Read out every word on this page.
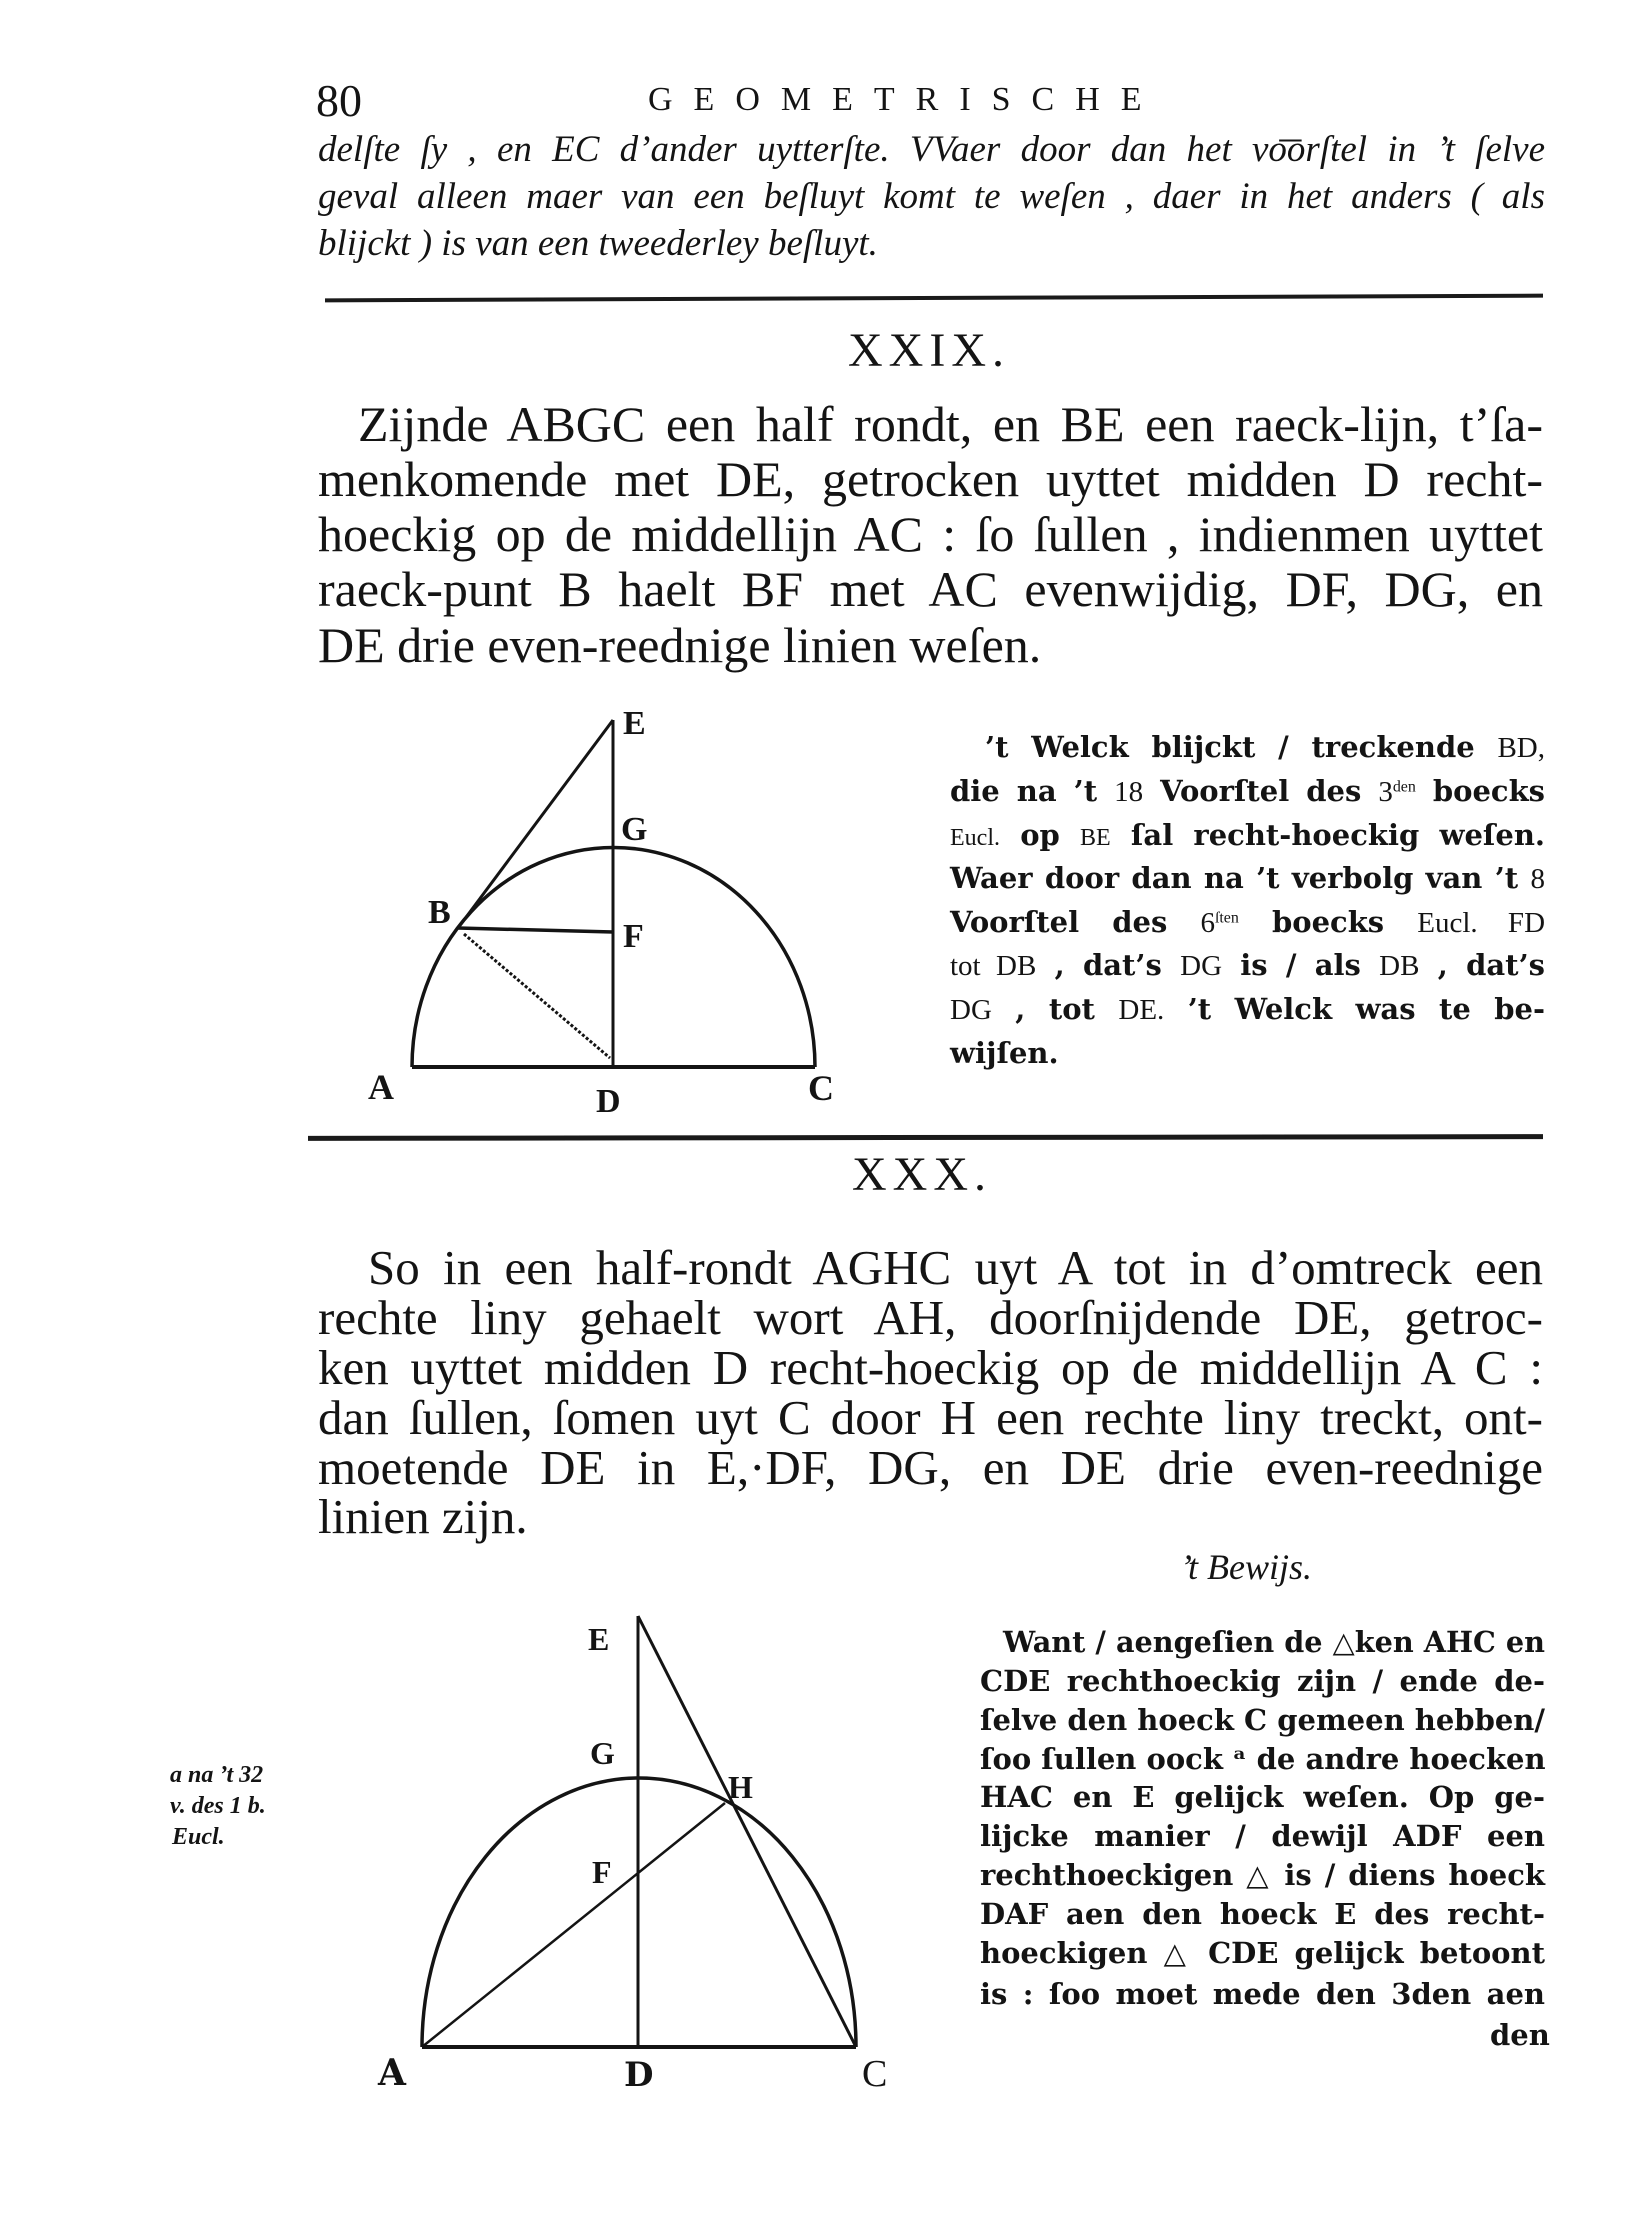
80	GEOMETRISCHE
delſte ſy , en EC d’ander uytterſte. VVaer door dan het vo͞orſtel in ’t ſelve
geval alleen maer van een beſluyt komt te weſen , daer in het anders ( als
blijckt ) is van een tweederley beſluyt.
XXIX.
Zijnde ABGC een half rondt, en BE een raeck-lijn, t’ſa-
menkomende met DE, getrocken uyttet midden D recht-
hoeckig op de middellijn AC : ſo ſullen , indienmen uyttet
raeck-punt B haelt BF met AC evenwijdig, DF, DG, en
DE drie even-reednige linien weſen.
E
G
B
F
A	D	C
’t Welck blijckt / treckende BD,
die na ’t 18 Voorſtel des $3^{den}$ boecks
Eucl. op BE ſal recht-hoeckig weſen.
Waer door dan na ’t verbolg van ’t 8
Voorſtel des $6^{ſten}$ boecks Eucl. FD
tot DB , dat’s DG is / als DB , dat’s
DG , tot DE. ’t Welck was te be-
wijſen.
XXX.
So in een half-rondt AGHC uyt A tot in d’omtreck een
rechte liny gehaelt wort AH, doorſnijdende DE, getroc-
ken uyttet midden D recht-hoeckig op de middellijn A C :
dan ſullen, ſomen uyt C door H een rechte liny treckt, ont-
moetende DE in E,·DF, DG, en DE drie even-reednige
linien zijn.
a na ’t 32
v. des 1 b.
Eucl.
E
G
H
F
A	D	C
’t Bewijs.
Want / aengeſien de △ken AHC en
CDE rechthoeckig zijn / ende de-
ſelve den hoeck C gemeen hebben/
ſoo ſullen oock ᵃ de andre hoecken
HAC en E gelijck weſen. Op ge-
lijcke manier / dewijl ADF een
rechthoeckigen △ is / diens hoeck
DAF aen den hoeck E des recht-
hoeckigen △ CDE gelijck betoont
is : ſoo moet mede den 3den aen
den
